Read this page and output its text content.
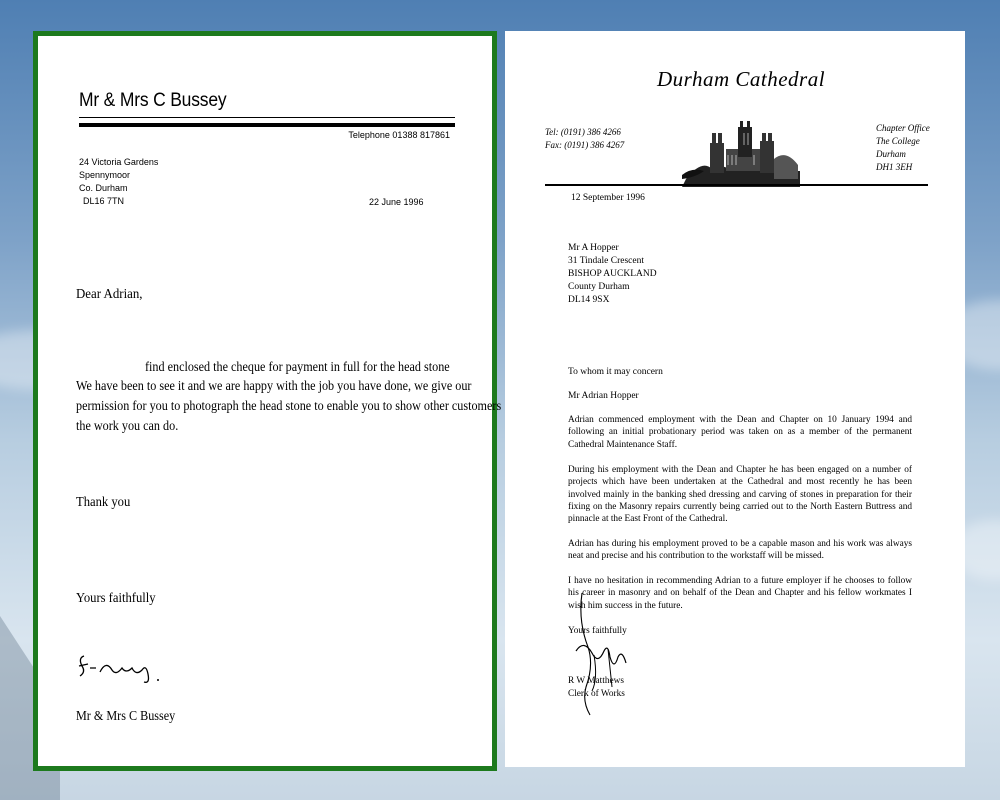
Mr & Mrs C Bussey
Telephone 01388 817861
24 Victoria Gardens
Spennymoor
Co. Durham
DL16 7TN	22 June 1996
Dear Adrian,
find enclosed the cheque for payment in full for the head stone
We have been to see it and we are happy with the job you have done, we give our
permission for you to photograph the head stone to enable you to show other customers
the work you can do.
Thank you
Yours faithfully
Mr & Mrs C Bussey
Durham Cathedral
Tel: (0191) 386 4266
Fax: (0191) 386 4267
Chapter Office
The College
Durham
DH1 3EH
12 September 1996
Mr A Hopper
31 Tindale Crescent
BISHOP AUCKLAND
County Durham
DL14 9SX
To whom it may concern
Mr Adrian Hopper
Adrian commenced employment with the Dean and Chapter on 10 January 1994 and following an initial probationary period was taken on as a member of the permanent Cathedral Maintenance Staff.
During his employment with the Dean and Chapter he has been engaged on a number of projects which have been undertaken at the Cathedral and most recently he has been involved mainly in the banking shed dressing and carving of stones in preparation for their fixing on the Masonry repairs currently being carried out to the North Eastern Buttress and pinnacle at the East Front of the Cathedral.
Adrian has during his employment proved to be a capable mason and his work was always neat and precise and his contribution to the workstaff will be missed.
I have no hesitation in recommending Adrian to a future employer if he chooses to follow his career in masonry and on behalf of the Dean and Chapter and his fellow workmates I wish him success in the future.
Yours faithfully
R W Matthews
Clerk of Works
